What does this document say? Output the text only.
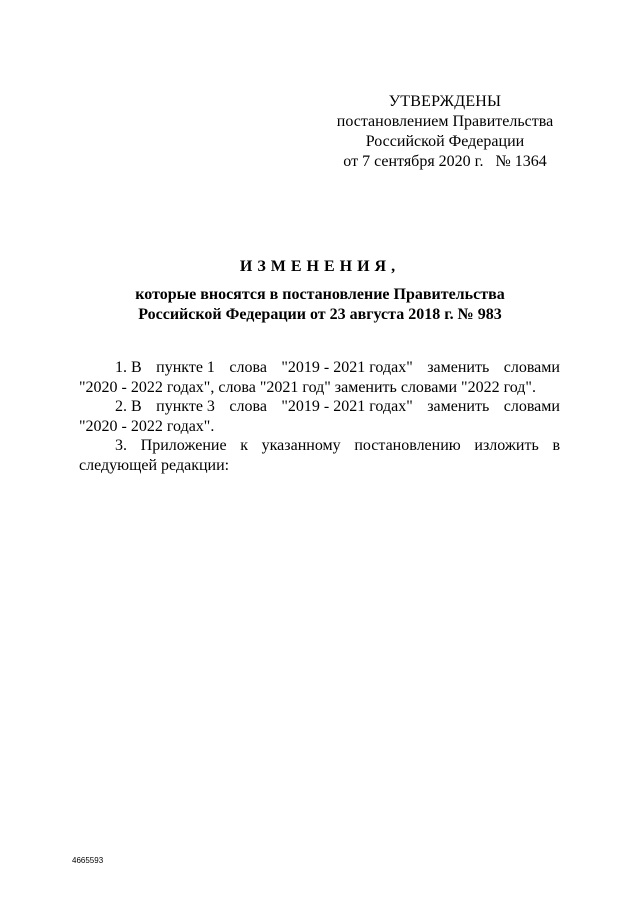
УТВЕРЖДЕНЫ
постановлением Правительства
Российской Федерации
от 7 сентября 2020 г. № 1364
ИЗМЕНЕНИЯ,
которые вносятся в постановление Правительства
Российской Федерации от 23 августа 2018 г. № 983
1. В пункте 1 слова "2019 - 2021 годах" заменить словами
"2020 - 2022 годах", слова "2021 год" заменить словами "2022 год".
2. В пункте 3 слова "2019 - 2021 годах" заменить словами
"2020 - 2022 годах".
3. Приложение к указанному постановлению изложить в следующей редакции:
4665593
